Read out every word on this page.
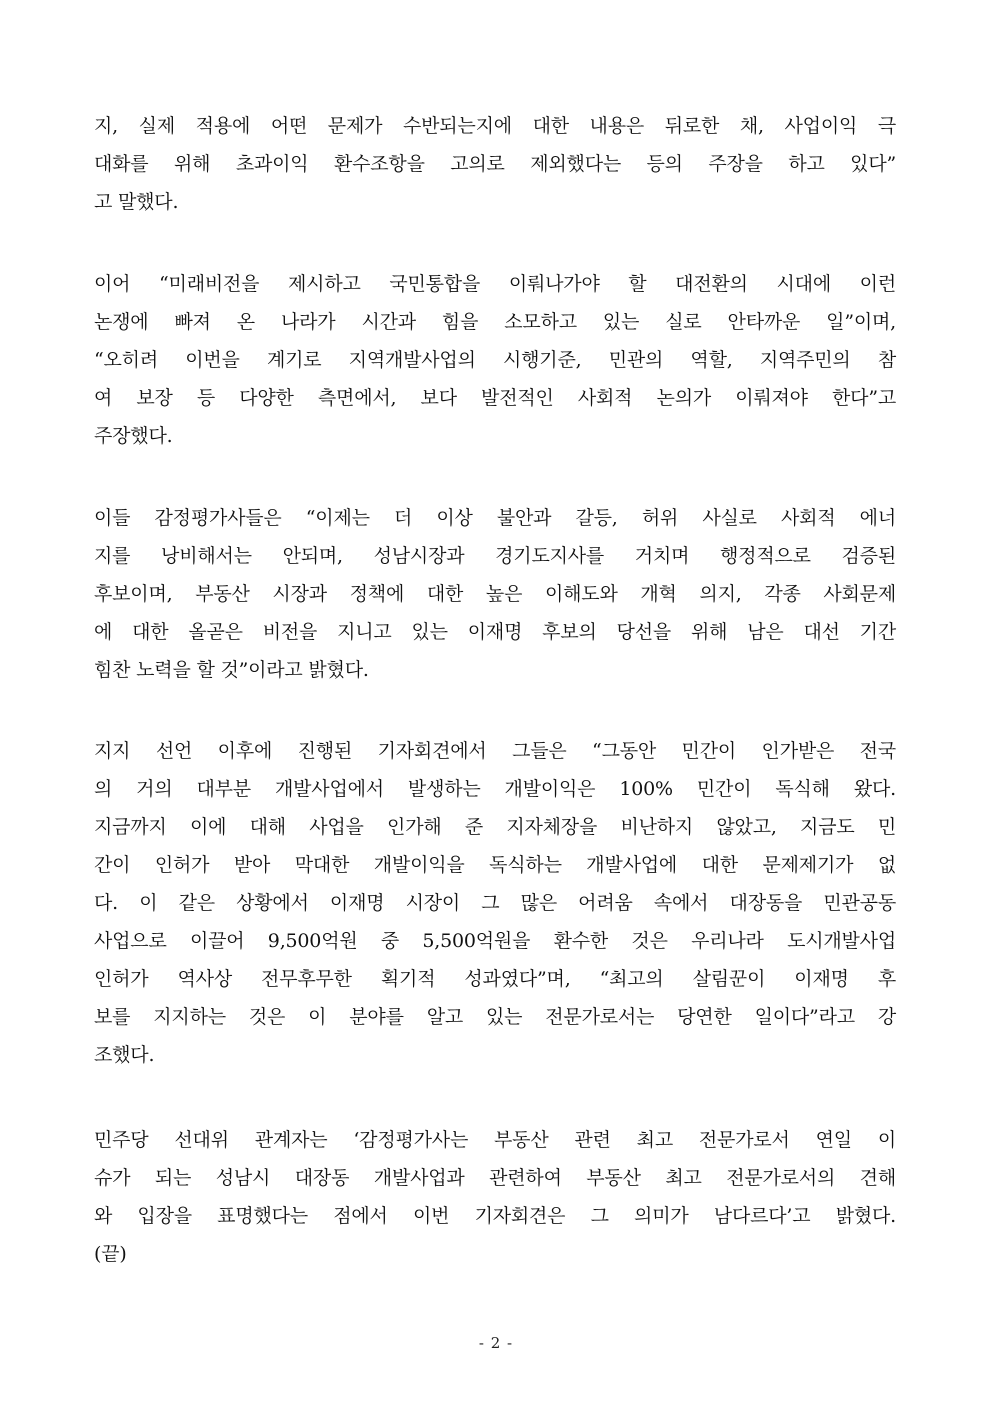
지, 실제 적용에 어떤 문제가 수반되는지에 대한 내용은 뒤로한 채, 사업이익 극
대화를 위해 초과이익 환수조항을 고의로 제외했다는 등의 주장을 하고 있다”
고 말했다.
이어 “미래비전을 제시하고 국민통합을 이뤄나가야 할 대전환의 시대에 이런
논쟁에 빠져 온 나라가 시간과 힘을 소모하고 있는 실로 안타까운 일”이며,
“오히려 이번을 계기로 지역개발사업의 시행기준, 민관의 역할, 지역주민의 참
여 보장 등 다양한 측면에서, 보다 발전적인 사회적 논의가 이뤄져야 한다”고
주장했다.
이들 감정평가사들은 “이제는 더 이상 불안과 갈등, 허위 사실로 사회적 에너
지를 낭비해서는 안되며, 성남시장과 경기도지사를 거치며 행정적으로 검증된
후보이며, 부동산 시장과 정책에 대한 높은 이해도와 개혁 의지, 각종 사회문제
에 대한 올곧은 비전을 지니고 있는 이재명 후보의 당선을 위해 남은 대선 기간
힘찬 노력을 할 것”이라고 밝혔다.
지지 선언 이후에 진행된 기자회견에서 그들은 “그동안 민간이 인가받은 전국
의 거의 대부분 개발사업에서 발생하는 개발이익은 100% 민간이 독식해 왔다.
지금까지 이에 대해 사업을 인가해 준 지자체장을 비난하지 않았고, 지금도 민
간이 인허가 받아 막대한 개발이익을 독식하는 개발사업에 대한 문제제기가 없
다. 이 같은 상황에서 이재명 시장이 그 많은 어려움 속에서 대장동을 민관공동
사업으로 이끌어 9,500억원 중 5,500억원을 환수한 것은 우리나라 도시개발사업
인허가 역사상 전무후무한 획기적 성과였다”며, “최고의 살림꾼이 이재명 후
보를 지지하는 것은 이 분야를 알고 있는 전문가로서는 당연한 일이다”라고 강
조했다.
민주당 선대위 관계자는 ‘감정평가사는 부동산 관련 최고 전문가로서 연일 이
슈가 되는 성남시 대장동 개발사업과 관련하여 부동산 최고 전문가로서의 견해
와 입장을 표명했다는 점에서 이번 기자회견은 그 의미가 남다르다’고 밝혔다.
(끝)
- 2 -
